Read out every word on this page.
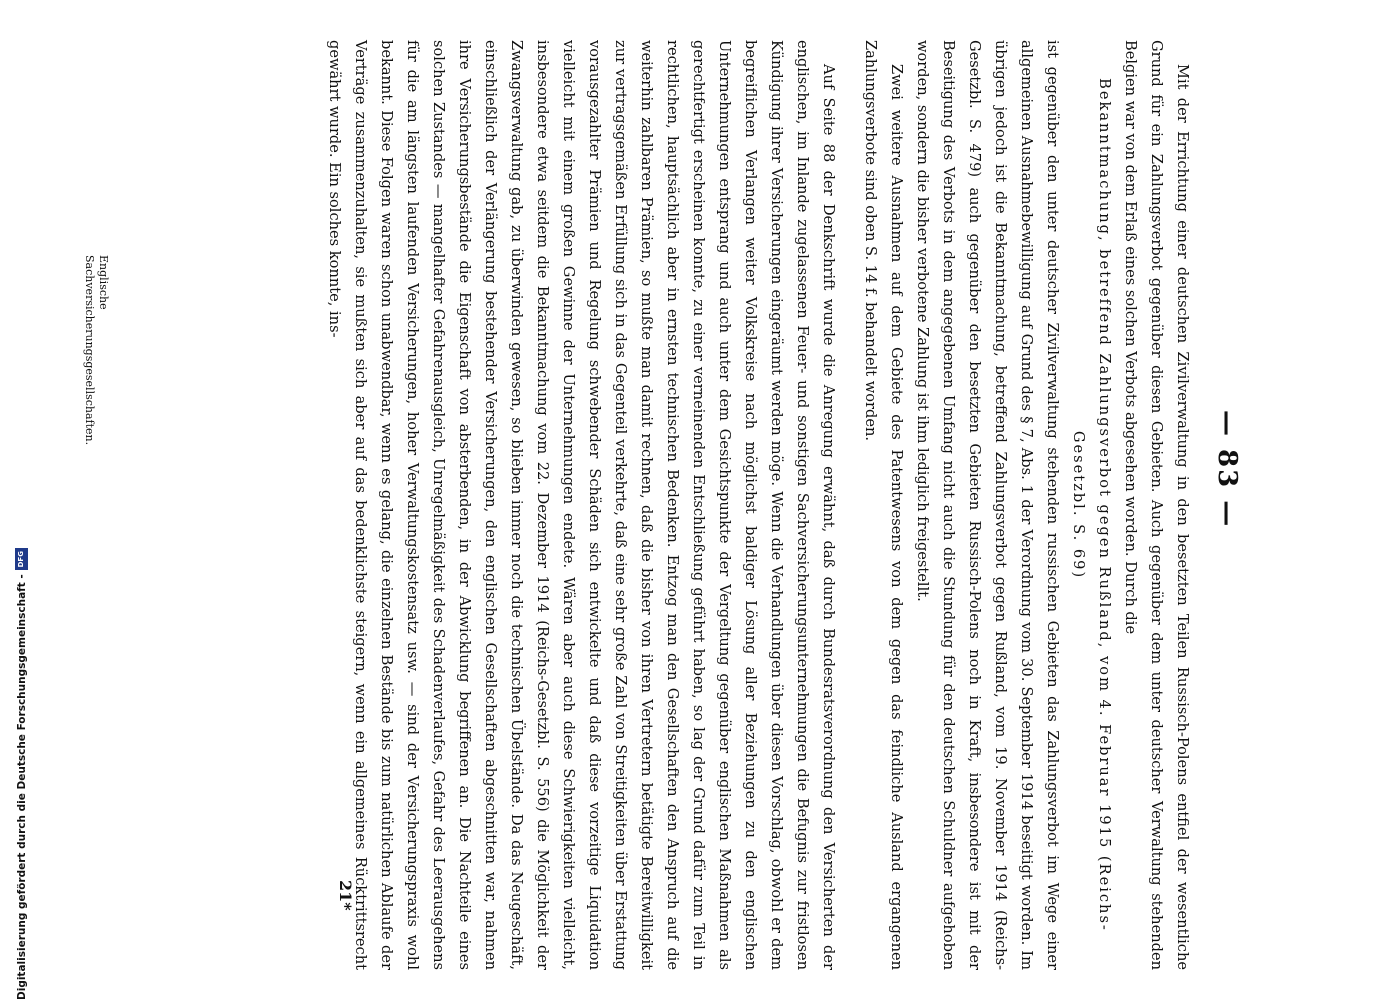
— 83 —
Englische Sachversicherungsgesellschaften.	Mit der Errichtung einer deutschen Zivilverwaltung in den besetzten Teilen Russisch-Polens entfiel der wesentliche Grund für ein Zahlungsverbot gegenüber diesen Gebieten. Auch gegenüber dem unter deutscher Verwaltung stehenden Belgien war von dem Erlaß eines solchen Verbots abgesehen worden. Durch die

Bekanntmachung, betreffend Zahlungsverbot gegen Rußland, vom 4. Februar 1915 (Reichs-Gesetzbl. S. 69)

ist gegenüber den unter deutscher Zivilverwaltung stehenden russischen Gebieten das Zahlungsverbot im Wege einer allgemeinen Ausnahmebewilligung auf Grund des § 7, Abs. 1 der Verordnung vom 30. September 1914 beseitigt worden. Im übrigen jedoch ist die Bekanntmachung, betreffend Zahlungsverbot gegen Rußland, vom 19. November 1914 (Reichs-Gesetzbl. S. 479) auch gegenüber den besetzten Gebieten Russisch-Polens noch in Kraft, insbesondere ist mit der Beseitigung des Verbots in dem angegebenen Umfang nicht auch die Stundung für den deutschen Schuldner aufgehoben worden, sondern die bisher verbotene Zahlung ist ihm lediglich freigestellt.

Zwei weitere Ausnahmen auf dem Gebiete des Patentwesens von dem gegen das feindliche Ausland ergangenen Zahlungsverbote sind oben S. 14 f. behandelt worden.

Auf Seite 88 der Denkschrift wurde die Anregung erwähnt, daß durch Bundesratsverordnung den Versicherten der englischen, im Inlande zugelassenen Feuer- und sonstigen Sachversicherungsunternehmungen die Befugnis zur fristlosen Kündigung ihrer Versicherungen eingeräumt werden möge. Wenn die Verhandlungen über diesen Vorschlag, obwohl er dem begreiflichen Verlangen weiter Volkskreise nach möglichst baldiger Lösung aller Beziehungen zu den englischen Unternehmungen entsprang und auch unter dem Gesichtspunkte der Vergeltung gegenüber englischen Maßnahmen als gerechtfertigt erscheinen konnte, zu einer verneinenden Entschließung geführt haben, so lag der Grund dafür zum Teil in rechtlichen, hauptsächlich aber in ernsten technischen Bedenken. Entzog man den Gesellschaften den Anspruch auf die weiterhin zahlbaren Prämien, so mußte man damit rechnen, daß die bisher von ihren Vertretern betätigte Bereitwilligkeit zur vertragsgemäßen Erfüllung sich in das Gegenteil verkehrte, daß eine sehr große Zahl von Streitigkeiten über Erstattung vorausgezahlter Prämien und Regelung schwebender Schäden sich entwickelte und daß diese vorzeitige Liquidation vielleicht mit einem großen Gewinne der Unternehmungen endete. Wären aber auch diese Schwierigkeiten vielleicht, insbesondere etwa seitdem die Bekanntmachung vom 22. Dezember 1914 (Reichs-Gesetzbl. S. 556) die Möglichkeit der Zwangsverwaltung gab, zu überwinden gewesen, so blieben immer noch die technischen Übelstände. Da das Neugeschäft, einschließlich der Verlängerung bestehender Versicherungen, den englischen Gesellschaften abgeschnitten war, nahmen ihre Versicherungsbestände die Eigenschaft von absterbenden, in der Abwicklung begriffenen an. Die Nachteile eines solchen Zustandes — mangelhafter Gefahrenausgleich, Unregelmäßigkeit des Schadenverlaufes, Gefahr des Leerausgehens für die am längsten laufenden Versicherungen, hoher Verwaltungskostensatz usw. — sind der Versicherungspraxis wohl bekannt. Diese Folgen waren schon unabwendbar, wenn es gelang, die einzelnen Bestände bis zum natürlichen Ablaufe der Verträge zusammenzuhalten, sie mußten sich aber auf das bedenklichste steigern, wenn ein allgemeines Rücktrittsrecht gewährt wurde. Ein solches konnte, ins-

21*
Digitalisierung gefördert durch die Deutsche Forschungsgemeinschaft -
DFG
